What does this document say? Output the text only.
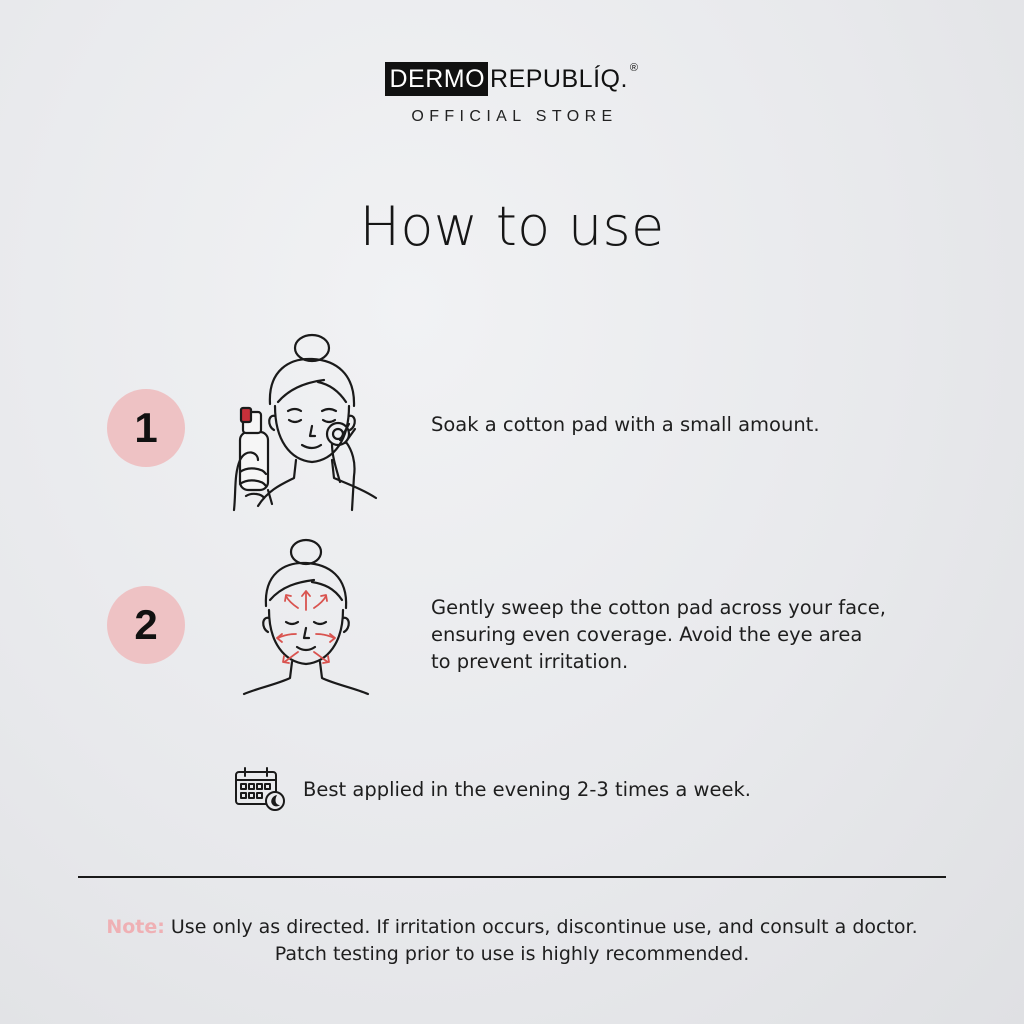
DERMO REPUBLÍQ. ®
OFFICIAL STORE
How to use
1	Soak a cotton pad with a small amount.

2	Gently sweep the cotton pad across your face,
ensuring even coverage. Avoid the eye area
to prevent irritation.

Best applied in the evening 2-3 times a week.
Note: Use only as directed. If irritation occurs, discontinue use, and consult a doctor.
Patch testing prior to use is highly recommended.
